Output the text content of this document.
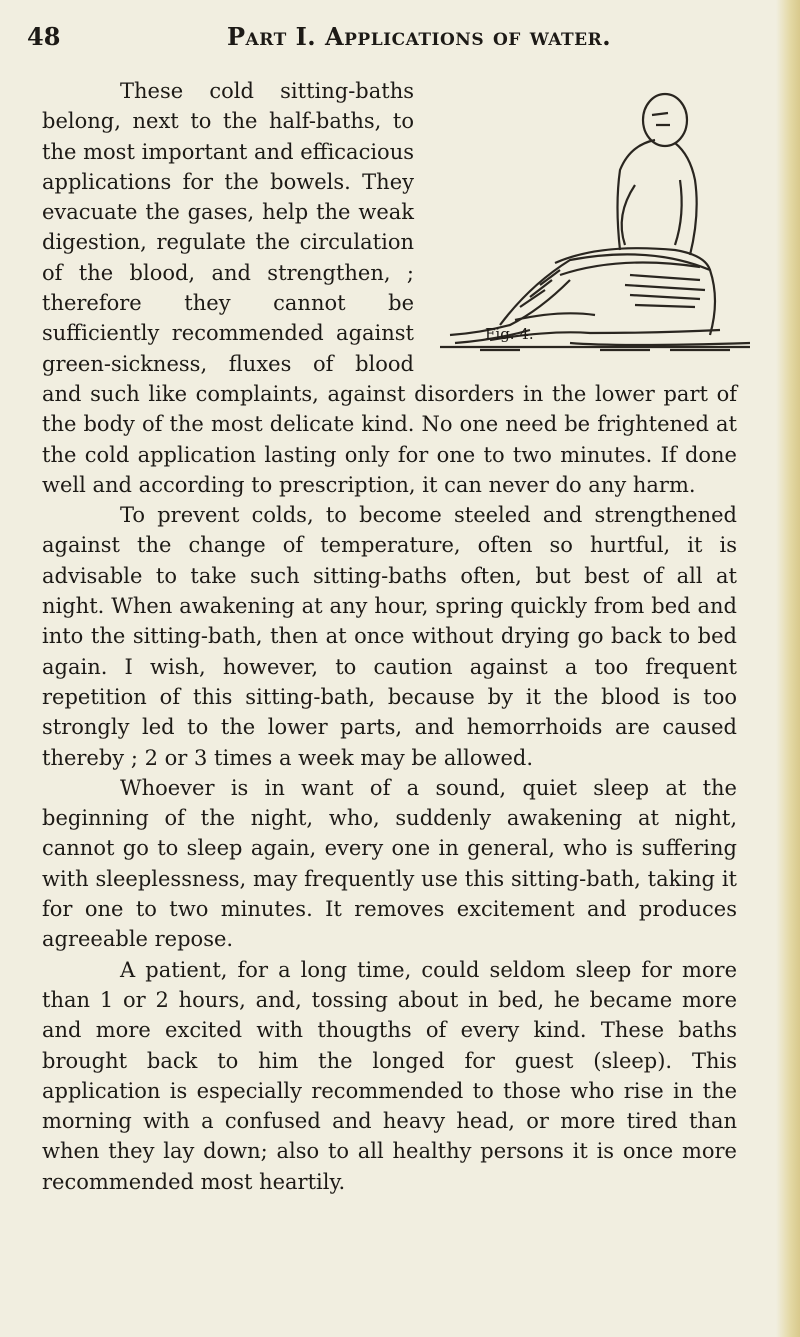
48	Part I. Applications of water.
Fig. 4.

These cold sitting-baths belong, next to the half-baths, to the most important and efficacious applications for the bowels. They evacuate the gases, help the weak digestion, regulate the circulation of the blood, and strengthen, ; therefore they cannot be sufficiently recommended against green-sickness, fluxes of blood and such like complaints, against disorders in the lower part of the body of the most delicate kind. No one need be frightened at the cold application lasting only for one to two minutes. If done well and according to prescription, it can never do any harm.

To prevent colds, to become steeled and strengthened against the change of temperature, often so hurtful, it is advisable to take such sitting-baths often, but best of all at night. When awakening at any hour, spring quickly from bed and into the sitting-bath, then at once without drying go back to bed again. I wish, however, to caution against a too frequent repetition of this sitting-bath, because by it the blood is too strongly led to the lower parts, and hemorrhoids are caused thereby ; 2 or 3 times a week may be allowed.

Whoever is in want of a sound, quiet sleep at the beginning of the night, who, suddenly awakening at night, cannot go to sleep again, every one in general, who is suffering with sleeplessness, may frequently use this sitting-bath, taking it for one to two minutes. It removes excitement and produces agreeable repose.

A patient, for a long time, could seldom sleep for more than 1 or 2 hours, and, tossing about in bed, he became more and more excited with thougths of every kind. These baths brought back to him the longed for guest (sleep). This application is especially recommended to those who rise in the morning with a confused and heavy head, or more tired than when they lay down; also to all healthy persons it is once more recommended most heartily.
